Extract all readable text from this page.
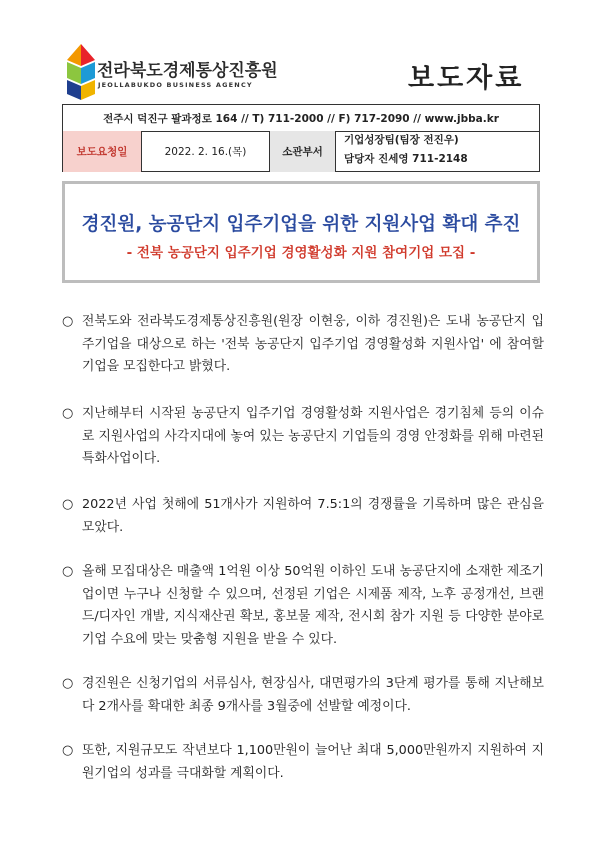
전라북도경제통상진흥원
JEOLLABUKDO BUSINESS AGENCY	보도자료
전주시 덕진구 팔과정로 164 // T) 711-2000 // F) 717-2090 // www.jbba.kr
보도요청일	2022. 2. 16.(목)	소관부서
기업성장팀(팀장 전진우)
담당자 진세영 711-2148
경진원, 농공단지 입주기업을 위한 지원사업 확대 추진
- 전북 농공단지 입주기업 경영활성화 지원 참여기업 모집 -
○ 전북도와 전라북도경제통상진흥원(원장 이현웅, 이하 경진원)은 도내 농공단지 입주기업을 대상으로 하는 '전북 농공단지 입주기업 경영활성화 지원사업' 에 참여할 기업을 모집한다고 밝혔다.
○ 지난해부터 시작된 농공단지 입주기업 경영활성화 지원사업은 경기침체 등의 이슈로 지원사업의 사각지대에 놓여 있는 농공단지 기업들의 경영 안정화를 위해 마련된 특화사업이다.
○ 2022년 사업 첫해에 51개사가 지원하여 7.5:1의 경쟁률을 기록하며 많은 관심을 모았다.
○ 올해 모집대상은 매출액 1억원 이상 50억원 이하인 도내 농공단지에 소재한 제조기업이면 누구나 신청할 수 있으며, 선정된 기업은 시제품 제작, 노후 공정개선, 브랜드/디자인 개발, 지식재산권 확보, 홍보물 제작, 전시회 참가 지원 등 다양한 분야로 기업 수요에 맞는 맞춤형 지원을 받을 수 있다.
○ 경진원은 신청기업의 서류심사, 현장심사, 대면평가의 3단계 평가를 통해 지난해보다 2개사를 확대한 최종 9개사를 3월중에 선발할 예정이다.
○ 또한, 지원규모도 작년보다 1,100만원이 늘어난 최대 5,000만원까지 지원하여 지원기업의 성과를 극대화할 계획이다.
